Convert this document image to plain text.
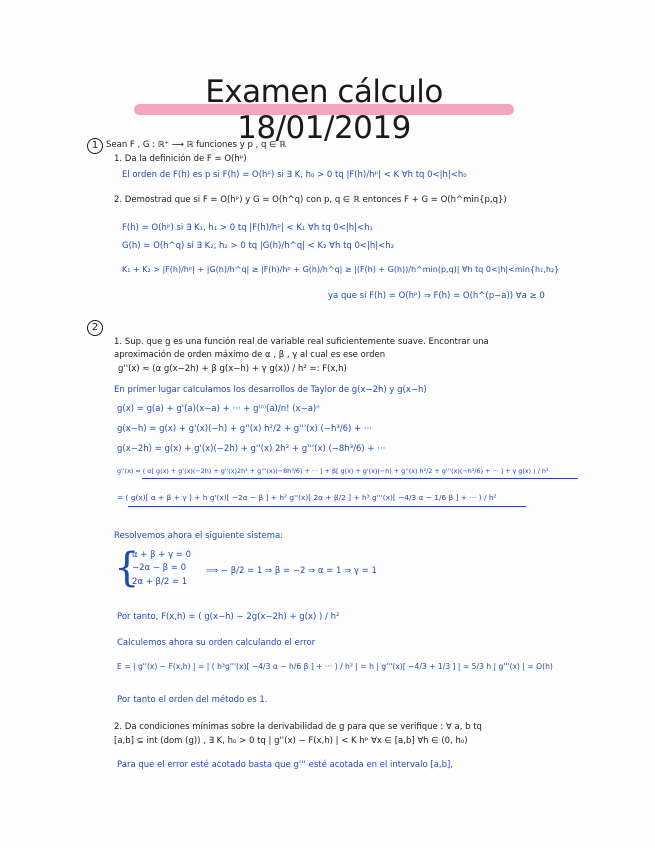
Examen cálculo 18/01/2019
1 Sean F , G : ℝ⁺ ⟶ ℝ funciones y p , q ∈ ℝ
1. Da la definición de F = O(hᵖ)
El orden de F(h) es p si F(h) = O(hᵖ) si ∃ K, h₀ > 0 tq |F(h)/hᵖ| < K ∀h tq 0<|h|<h₀
2. Demostrad que si F = O(hᵖ) y G = O(h^q) con p, q ∈ ℝ entonces F + G = O(h^min{p,q})
F(h) = O(hᵖ) si ∃ K₁, h₁ > 0 tq |F(h)/hᵖ| < K₁ ∀h tq 0<|h|<h₁
G(h) = O(h^q) si ∃ K₂, h₂ > 0 tq |G(h)/h^q| < K₂ ∀h tq 0<|h|<h₂
K₁ + K₂ > |F(h)/hᵖ| + |G(h)/h^q| ≥ |F(h)/hᵖ + G(h)/h^q| ≥ |(F(h) + G(h))/h^min(p,q)| ∀h tq 0<|h|<min{h₁,h₂}
ya que si F(h) = O(hᵖ) ⇒ F(h) = O(h^(p−a)) ∀a ≥ 0
2
1. Sup. que g es una función real de variable real suficientemente suave. Encontrar una
aproximación de orden máximo de α , β , γ al cual es ese orden
g''(x) ≈ (α g(x−2h) + β g(x−h) + γ g(x)) / h² =: F(x,h)
En primer lugar calculamos los desarrollos de Taylor de g(x−2h) y g(x−h)
g(x) = g(a) + g'(a)(x−a) + ··· + g⁽ⁿ⁾(a)/n! (x−a)ⁿ
g(x−h) = g(x) + g'(x)(−h) + g''(x) h²/2 + g'''(x) (−h³/6) + ···
g(x−2h) = g(x) + g'(x)(−2h) + g''(x) 2h² + g'''(x) (−8h³/6) + ···
g''(x) ≈ ( α[ g(x) + g'(x)(−2h) + g''(x)2h² + g'''(x)(−8h³/6) + ··· ] + β[ g(x) + g'(x)(−h) + g''(x) h²/2 + g'''(x)(−h³/6) + ··· ] + γ g(x) ) / h²
= ( g(x)[ α + β + γ ] + h g'(x)[ −2α − β ] + h² g''(x)[ 2α + β/2 ] + h³ g'''(x)[ −4/3 α − 1/6 β ] + ··· ) / h²
Resolvemos ahora el siguiente sistema:
{
α + β + γ = 0
−2α − β = 0
2α + β/2 = 1
⟹ − β/2 = 1 ⇒ β = −2 ⇒ α = 1 ⇒ γ = 1
Por tanto, F(x,h) = ( g(x−h) − 2g(x−2h) + g(x) ) / h²
Calculemos ahora su orden calculando el error
E = | g''(x) − F(x,h) | = | ( h³g'''(x)[ −4/3 α − h/6 β ] + ··· ) / h² | = h | g'''(x)[ −4/3 + 1/3 ] | = 5/3 h | g'''(x) | = O(h)
Por tanto el orden del método es 1.
2. Da condiciones mínimas sobre la derivabilidad de g para que se verifique : ∀ a, b tq
[a,b] ⊆ int (dom (g)) , ∃ K, h₀ > 0 tq | g''(x) − F(x,h) | < K hᵖ ∀x ∈ [a,b] ∀h ∈ (0, h₀)
Para que el error esté acotado basta que g''' esté acotada en el intervalo [a,b],
